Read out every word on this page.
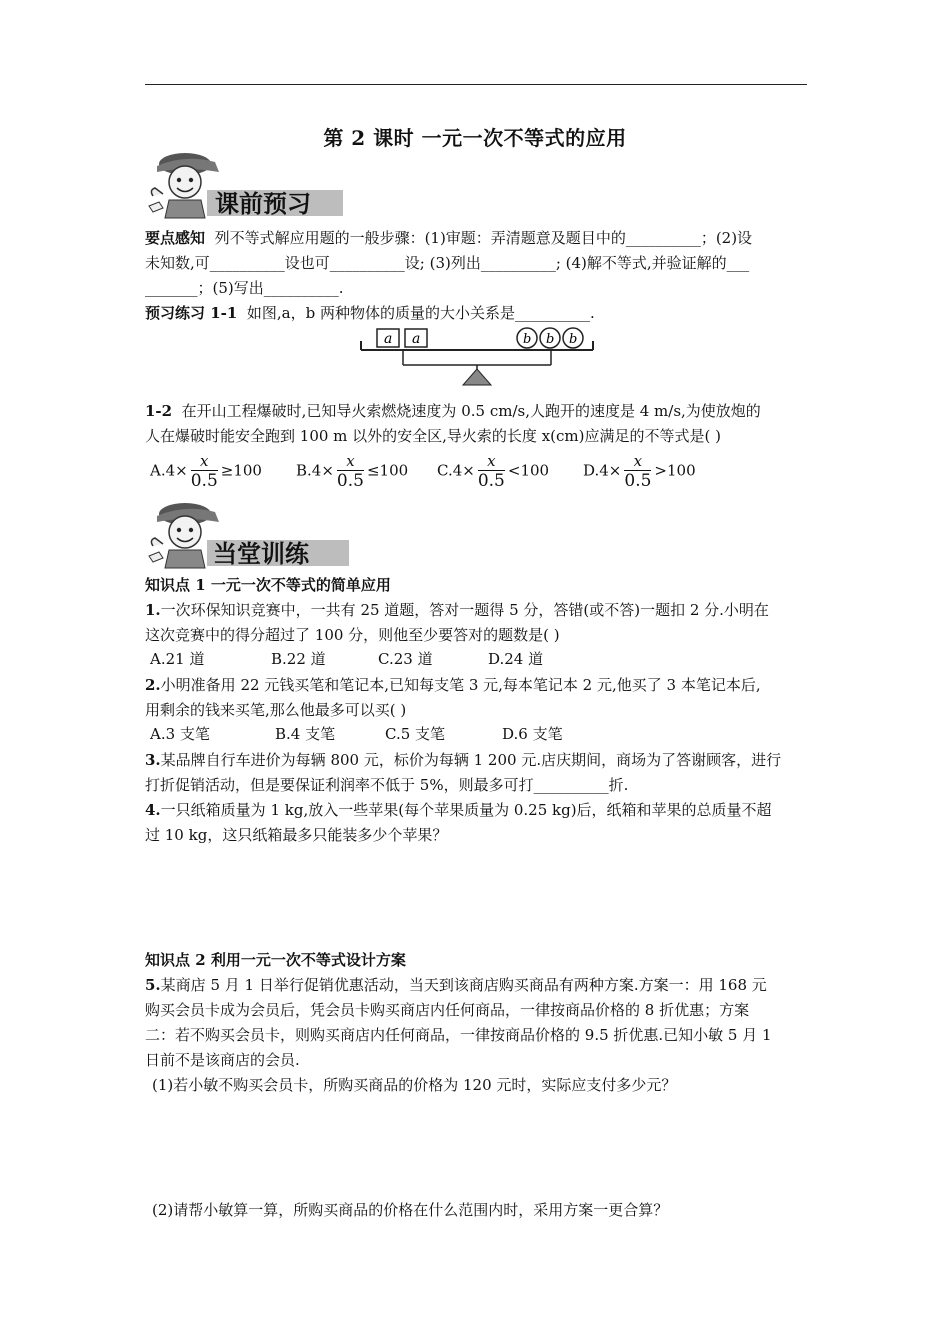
第 2 课时 一元一次不等式的应用
课前预习
要点感知 列不等式解应用题的一般步骤：(1)审题：弄清题意及题目中的__________；(2)设
未知数,可__________设也可__________设; (3)列出__________; (4)解不等式,并验证解的___
_______；(5)写出__________.
预习练习 1-1 如图,a，b 两种物体的质量的大小关系是__________.
a a	b b b
1-2 在开山工程爆破时,已知导火索燃烧速度为 0.5 cm/s,人跑开的速度是 4 m/s,为使放炮的
人在爆破时能安全跑到 100 m 以外的安全区,导火索的长度 x(cm)应满足的不等式是( )
$A.4\times \frac{x}{0.5} \ge 100$ $B.4\times \frac{x}{0.5} \le 100$ $C.4\times \frac{x}{0.5} <100$ $D.4\times \frac{x}{0.5} >100$
当堂训练
知识点 1 一元一次不等式的简单应用
1.一次环保知识竞赛中，一共有 25 道题，答对一题得 5 分，答错(或不答)一题扣 2 分.小明在
这次竞赛中的得分超过了 100 分，则他至少要答对的题数是( )
A.21 道	B.22 道	C.23 道	D.24 道
2.小明准备用 22 元钱买笔和笔记本,已知每支笔 3 元,每本笔记本 2 元,他买了 3 本笔记本后,
用剩余的钱来买笔,那么他最多可以买( )
A.3 支笔	B.4 支笔	C.5 支笔	D.6 支笔
3.某品牌自行车进价为每辆 800 元，标价为每辆 1 200 元.店庆期间，商场为了答谢顾客，进行
打折促销活动，但是要保证利润率不低于 5%，则最多可打__________折.
4.一只纸箱质量为 1 kg,放入一些苹果(每个苹果质量为 0.25 kg)后，纸箱和苹果的总质量不超
过 10 kg，这只纸箱最多只能装多少个苹果？
知识点 2 利用一元一次不等式设计方案
5.某商店 5 月 1 日举行促销优惠活动，当天到该商店购买商品有两种方案.方案一：用 168 元
购买会员卡成为会员后，凭会员卡购买商店内任何商品，一律按商品价格的 8 折优惠；方案
二：若不购买会员卡，则购买商店内任何商品，一律按商品价格的 9.5 折优惠.已知小敏 5 月 1
日前不是该商店的会员.
(1)若小敏不购买会员卡，所购买商品的价格为 120 元时，实际应支付多少元？
(2)请帮小敏算一算，所购买商品的价格在什么范围内时，采用方案一更合算？
